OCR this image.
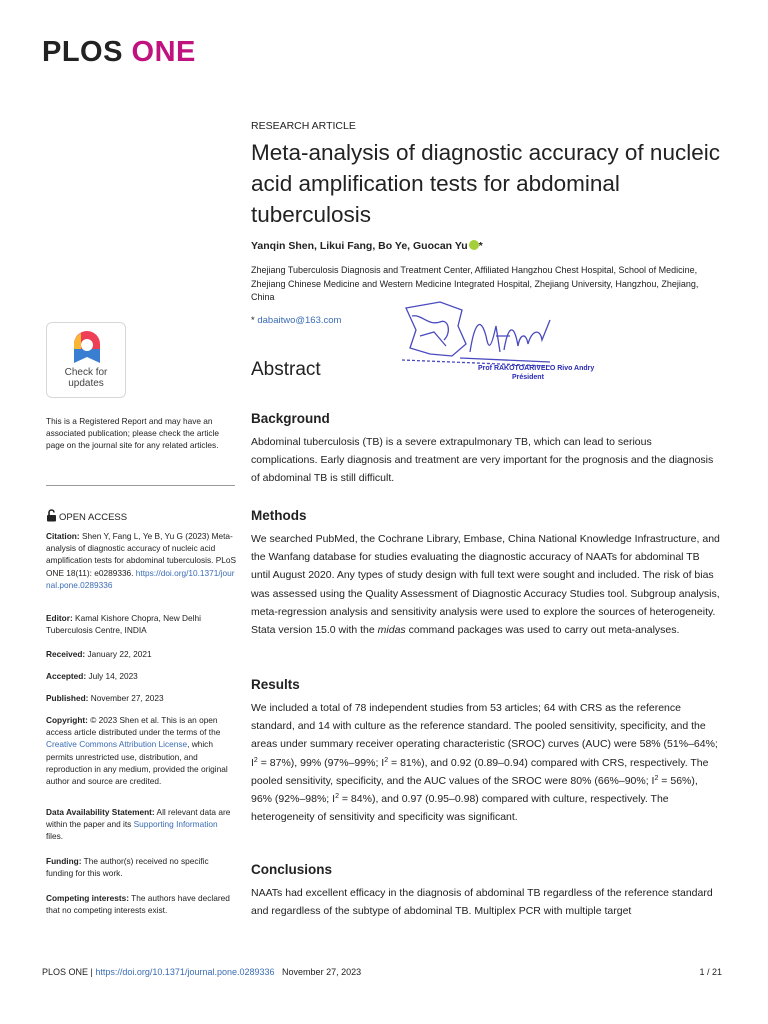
PLOS ONE
RESEARCH ARTICLE
Meta-analysis of diagnostic accuracy of nucleic acid amplification tests for abdominal tuberculosis
Yanqin Shen, Likui Fang, Bo Ye, Guocan Yu *
Zhejiang Tuberculosis Diagnosis and Treatment Center, Affiliated Hangzhou Chest Hospital, School of Medicine, Zhejiang Chinese Medicine and Western Medicine Integrated Hospital, Zhejiang University, Hangzhou, Zhejiang, China
* dabaitwo@163.com
Prof RAKOTOARIVELO Rivo Andry
Président
Check for
updates
Abstract
This is a Registered Report and may have an associated publication; please check the article page on the journal site for any related articles.
OPEN ACCESS
Citation: Shen Y, Fang L, Ye B, Yu G (2023) Meta-analysis of diagnostic accuracy of nucleic acid amplification tests for abdominal tuberculosis. PLoS ONE 18(11): e0289336. https://doi.org/10.1371/journal.pone.0289336
Editor: Kamal Kishore Chopra, New Delhi Tuberculosis Centre, INDIA
Received: January 22, 2021
Accepted: July 14, 2023
Published: November 27, 2023
Copyright: © 2023 Shen et al. This is an open access article distributed under the terms of the Creative Commons Attribution License, which permits unrestricted use, distribution, and reproduction in any medium, provided the original author and source are credited.
Data Availability Statement: All relevant data are within the paper and its Supporting Information files.
Funding: The author(s) received no specific funding for this work.
Competing interests: The authors have declared that no competing interests exist.
Background
Abdominal tuberculosis (TB) is a severe extrapulmonary TB, which can lead to serious complications. Early diagnosis and treatment are very important for the prognosis and the diagnosis of abdominal TB is still difficult.
Methods
We searched PubMed, the Cochrane Library, Embase, China National Knowledge Infrastructure, and the Wanfang database for studies evaluating the diagnostic accuracy of NAATs for abdominal TB until August 2020. Any types of study design with full text were sought and included. The risk of bias was assessed using the Quality Assessment of Diagnostic Accuracy Studies tool. Subgroup analysis, meta-regression analysis and sensitivity analysis were used to explore the sources of heterogeneity. Stata version 15.0 with the midas command packages was used to carry out meta-analyses.
Results
We included a total of 78 independent studies from 53 articles; 64 with CRS as the reference standard, and 14 with culture as the reference standard. The pooled sensitivity, specificity, and the areas under summary receiver operating characteristic (SROC) curves (AUC) were 58% (51%–64%; $I^2 = 87\%$), 99% (97%–99%; $I^2 = 81\%$), and 0.92 (0.89–0.94) compared with CRS, respectively. The pooled sensitivity, specificity, and the AUC values of the SROC were 80% (66%–90%; $I^2 = 56\%$), 96% (92%–98%; $I^2 = 84\%$), and 0.97 (0.95–0.98) compared with culture, respectively. The heterogeneity of sensitivity and specificity was significant.
Conclusions
NAATs had excellent efficacy in the diagnosis of abdominal TB regardless of the reference standard and regardless of the subtype of abdominal TB. Multiplex PCR with multiple target
PLOS ONE | https://doi.org/10.1371/journal.pone.0289336 November 27, 2023	1 / 21
